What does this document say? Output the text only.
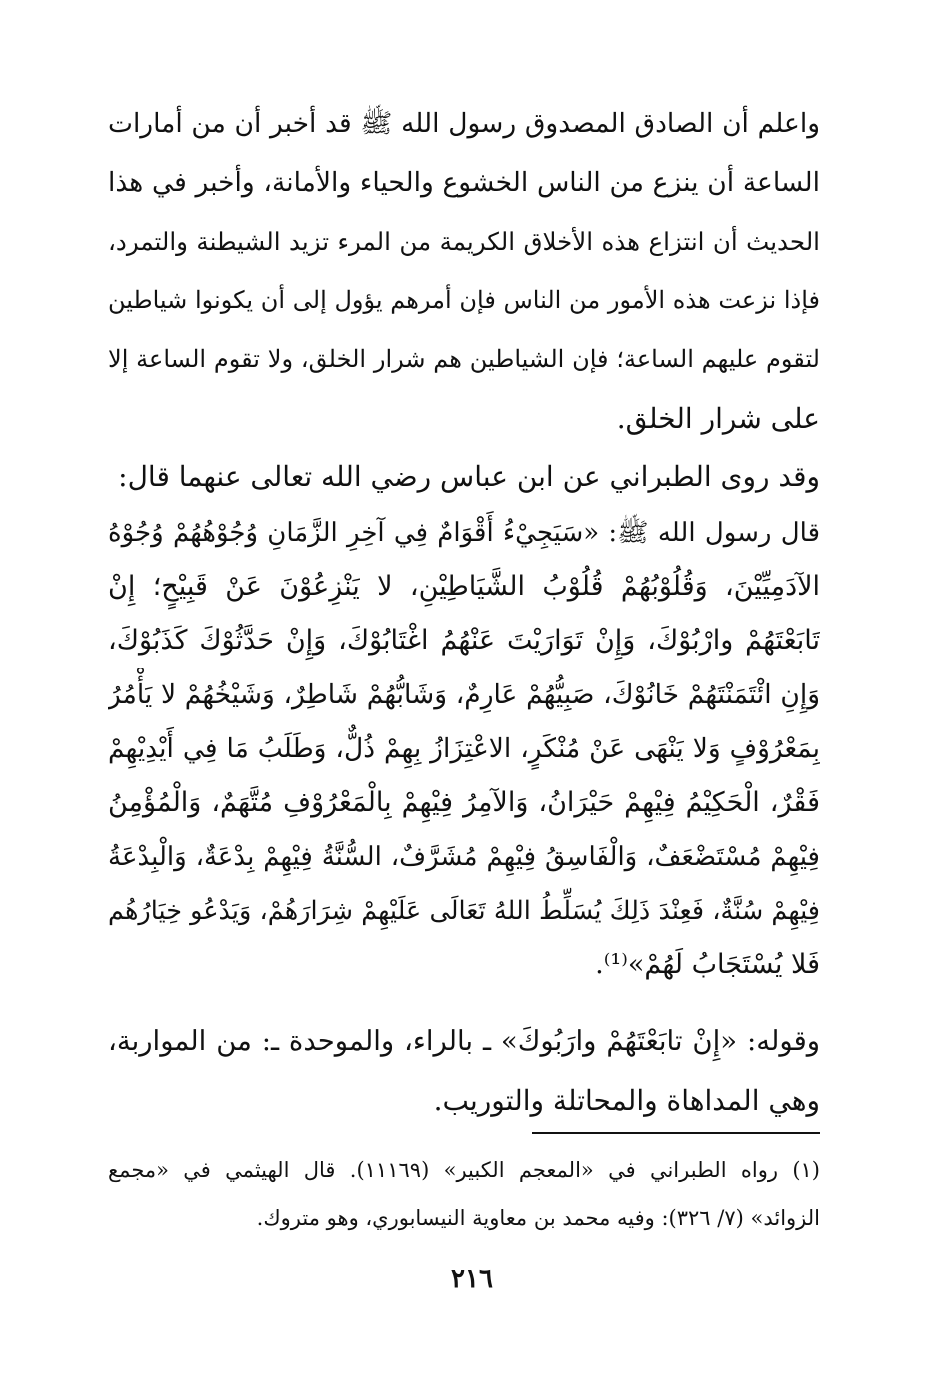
واعلم أن الصادق المصدوق رسول الله ﷺ قد أخبر أن من أمارات
الساعة أن ينزع من الناس الخشوع والحياء والأمانة، وأخبر في هذا
الحديث أن انتزاع هذه الأخلاق الكريمة من المرء تزيد الشيطنة والتمرد،
فإذا نزعت هذه الأمور من الناس فإن أمرهم يؤول إلى أن يكونوا شياطين
لتقوم عليهم الساعة؛ فإن الشياطين هم شرار الخلق، ولا تقوم الساعة إلا
على شرار الخلق.
وقد روى الطبراني عن ابن عباس رضي الله تعالى عنهما قال:
قال رسول الله ﷺ: «سَيَجِيْءُ أَقْوَامٌ فِي آخِرِ الزَّمَانِ وُجُوْهُهُمْ وُجُوْهُ
الآدَمِيِّيْنَ، وَقُلُوْبُهُمْ قُلُوْبُ الشَّيَاطِيْنِ، لا يَنْزِعُوْنَ عَنْ قَبِيْحٍ؛ إِنْ
تَابَعْتَهُمْ وارْبُوْكَ، وَإِنْ تَوَارَيْتَ عَنْهُمُ اغْتَابُوْكَ، وَإِنْ حَدَّثُوْكَ كَذَبُوْكَ،
وَإِنِ ائْتَمَنْتَهُمْ خَانُوْكَ، صَبِيُّهُمْ عَارِمٌ، وَشَابُّهُمْ شَاطِرٌ، وَشَيْخُهُمْ لا يَأْمُرُ
بِمَعْرُوْفٍ وَلا يَنْهَى عَنْ مُنْكَرٍ، الاعْتِزَازُ بِهِمْ ذُلٌّ، وَطَلَبُ مَا فِي أَيْدِيْهِمْ
فَقْرٌ، الْحَكِيْمُ فِيْهِمْ حَيْرَانُ، وَالآمِرُ فِيْهِمْ بِالْمَعْرُوْفِ مُتَّهَمٌ، وَالْمُؤْمِنُ
فِيْهِمْ مُسْتَضْعَفٌ، وَالْفَاسِقُ فِيْهِمْ مُشَرَّفٌ، السُّنَّةُ فِيْهِمْ بِدْعَةٌ، وَالْبِدْعَةُ
فِيْهِمْ سُنَّةٌ، فَعِنْدَ ذَلِكَ يُسَلِّطُ اللهُ تَعَالَى عَلَيْهِمْ شِرَارَهُمْ، وَيَدْعُو خِيَارُهُم
فَلا يُسْتَجَابُ لَهُمْ»⁽¹⁾.
وقوله: «إِنْ تابَعْتَهُمْ وارَبُوكَ» ـ بالراء، والموحدة ـ: من المواربة،
وهي المداهاة والمحاتلة والتوريب.
(١) رواه الطبراني في «المعجم الكبير» (١١١٦٩). قال الهيثمي في «مجمع
الزوائد» (٧/ ٣٢٦): وفيه محمد بن معاوية النيسابوري، وهو متروك.
٢١٦
